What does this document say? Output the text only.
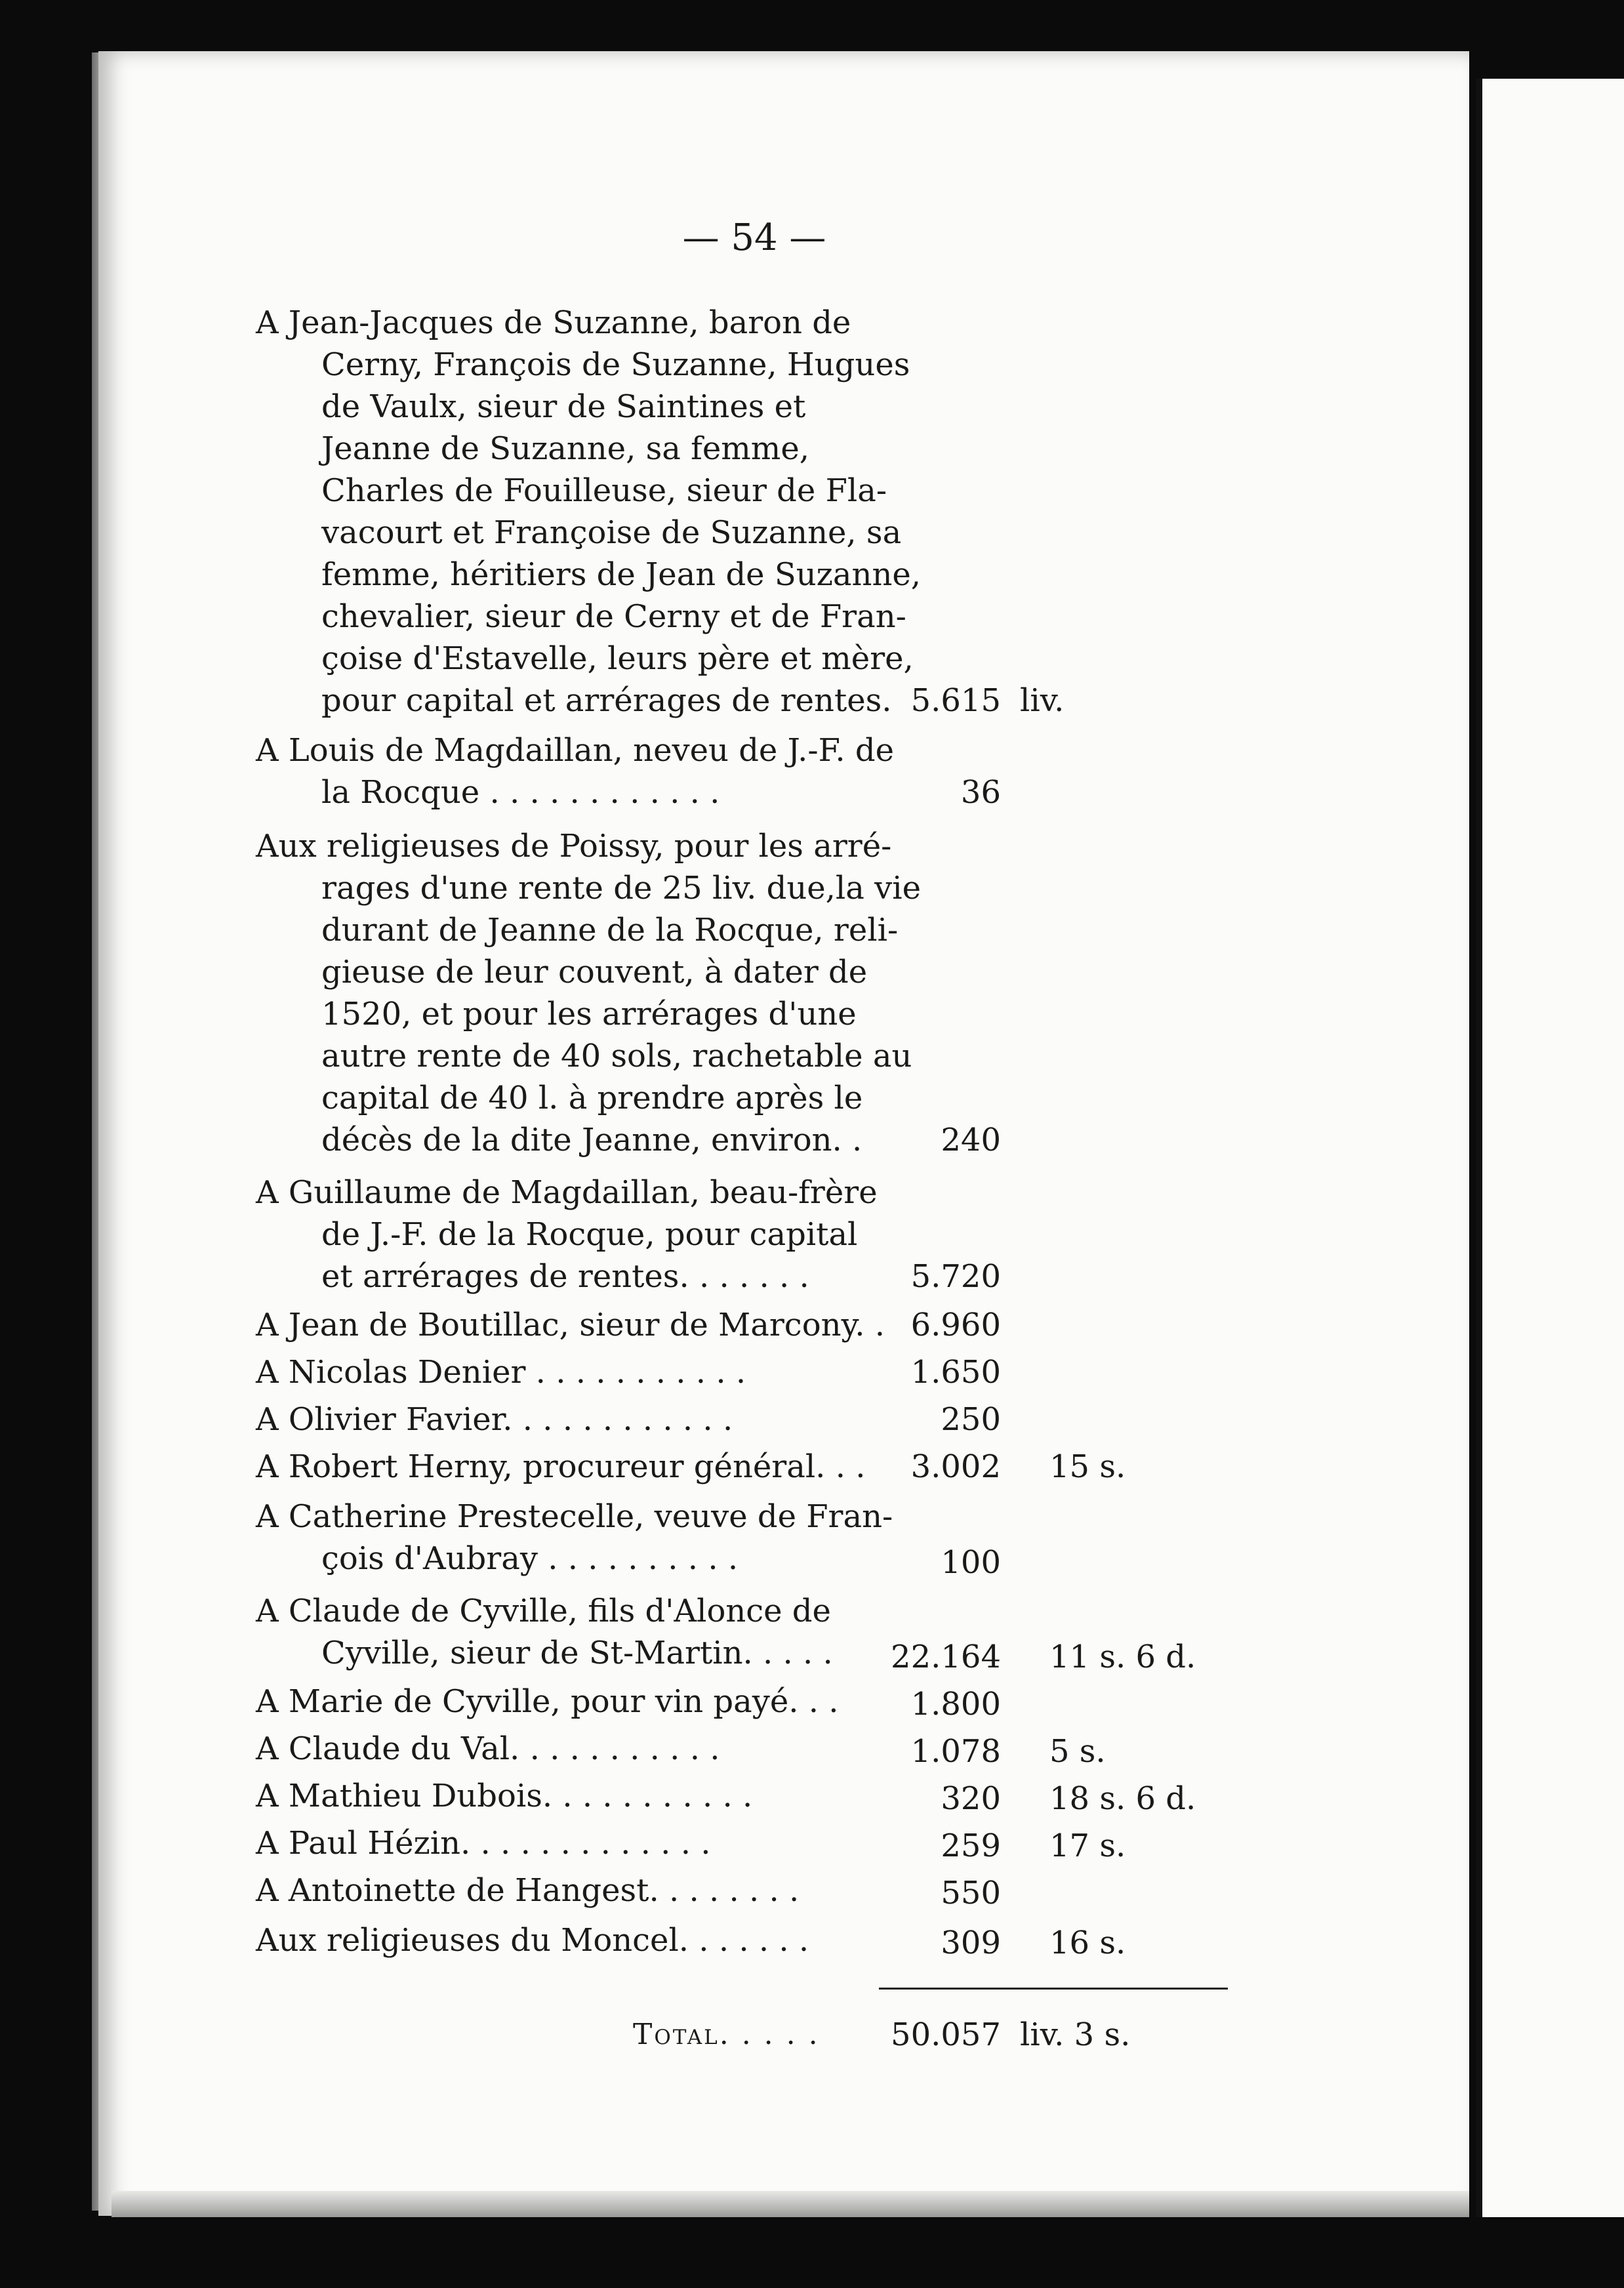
— 54 —
A Jean-Jacques de Suzanne, baron de
Cerny, François de Suzanne, Hugues
de Vaulx, sieur de Saintines et
Jeanne de Suzanne, sa femme,
Charles de Fouilleuse, sieur de Fla-
vacourt et Françoise de Suzanne, sa
femme, héritiers de Jean de Suzanne,
chevalier, sieur de Cerny et de Fran-
çoise d'Estavelle, leurs père et mère,
pour capital et arrérages de rentes. 5.615 liv.
A Louis de Magdaillan, neveu de J.-F. de
la Rocque . . . . . . . . . . . .	36
Aux religieuses de Poissy, pour les arré-
rages d'une rente de 25 liv. due,la vie
durant de Jeanne de la Rocque, reli-
gieuse de leur couvent, à dater de
1520, et pour les arrérages d'une
autre rente de 40 sols, rachetable au
capital de 40 l. à prendre après le
décès de la dite Jeanne, environ. .	240
A Guillaume de Magdaillan, beau-frère
de J.-F. de la Rocque, pour capital
et arrérages de rentes. . . . . . .	5.720
A Jean de Boutillac, sieur de Marcony. . 6.960
A Nicolas Denier . . . . . . . . . . .	1.650
A Olivier Favier. . . . . . . . . . . .	250
A Robert Herny, procureur général. . .	3.002 15 s.
A Catherine Prestecelle, veuve de Fran-
çois d'Aubray . . . . . . . . . .	100
A Claude de Cyville, fils d'Alonce de
Cyville, sieur de St-Martin. . . . .	22.164 11 s. 6 d.
A Marie de Cyville, pour vin payé. . .	1.800
A Claude du Val. . . . . . . . . . .	1.078 5 s.
A Mathieu Dubois. . . . . . . . . . .	320 18 s. 6 d.
A Paul Hézin. . . . . . . . . . . . .	259 17 s.
A Antoinette de Hangest. . . . . . . .	550
Aux religieuses du Moncel. . . . . . .	309 16 s.
Total. . . . .	50.057 liv. 3 s.
